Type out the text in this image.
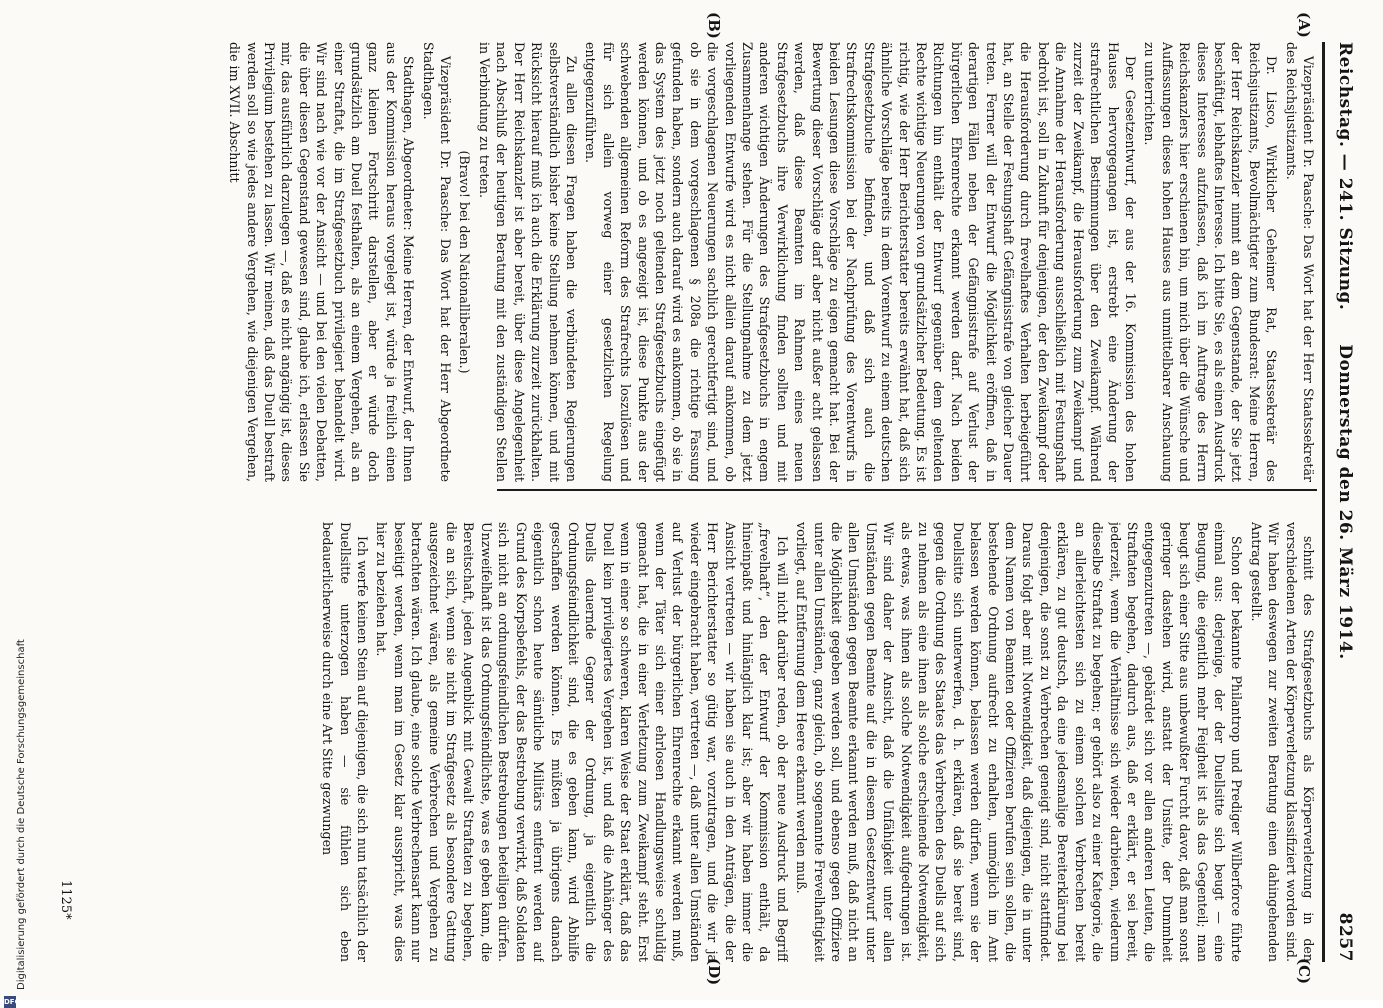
Reichstag. — 241. Sitzung.
Donnerstag den 26. März 1914.
8257
(A)
(B)
(C)
(D)

Vizepräsident Dr. Paasche: Das Wort hat der Herr Staatssekretär des Reichsjustizamts.

Dr. Lisco, Wirklicher Geheimer Rat, Staatssekretär des Reichsjustizamts, Bevollmächtigter zum Bundesrat: Meine Herren, der Herr Reichskanzler nimmt an dem Gegenstande, der Sie jetzt beschäftigt, lebhaftes Interesse. Ich bitte Sie, es als einen Ausdruck dieses Interesses aufzufassen, daß ich im Auftrage des Herrn Reichskanzlers hier erschienen bin, um mich über die Wünsche und Auffassungen dieses hohen Hauses aus unmittelbarer Anschauung zu unterrichten.

Der Gesetzentwurf, der aus der 16. Kommission des hohen Hauses hervorgegangen ist, erstrebt eine Änderung der strafrechtlichen Bestimmungen über den Zweikampf. Während zurzeit der Zweikampf, die Herausforderung zum Zweikampf und die Annahme der Herausforderung ausschließlich mit Festungshaft bedroht ist, soll in Zukunft für denjenigen, der den Zweikampf oder die Herausforderung durch frevelhaftes Verhalten herbeigeführt hat, an Stelle der Festungshaft Gefängnisstrafe von gleicher Dauer treten. Ferner will der Entwurf die Möglichkeit eröffnen, daß in derartigen Fällen neben der Gefängnisstrafe auf Verlust der bürgerlichen Ehrenrechte erkannt werden darf. Nach beiden Richtungen hin enthält der Entwurf gegenüber dem geltenden Rechte wichtige Neuerungen von grundsätzlicher Bedeutung. Es ist richtig, wie der Herr Berichterstatter bereits erwähnt hat, daß sich ähnliche Vorschläge bereits in dem Vorentwurf zu einem deutschen Strafgesetzbuche befinden, und daß sich auch die Strafrechtskommission bei der Nachprüfung des Vorentwurfs in beiden Lesungen diese Vorschläge zu eigen gemacht hat. Bei der Bewertung dieser Vorschläge darf aber nicht außer acht gelassen werden, daß diese Beamten im Rahmen eines neuen Strafgesetzbuchs ihre Verwirklichung finden sollten und mit anderen wichtigen Änderungen des Strafgesetzbuchs in engem Zusammenhange stehen. Für die Stellungnahme zu dem jetzt vorliegenden Entwurfe wird es nicht allein darauf ankommen, ob die vorgeschlagenen Neuerungen sachlich gerechtfertigt sind, und ob sie in dem vorgeschlagenen § 208a die richtige Fassung gefunden haben, sondern auch darauf wird es ankommen, ob sie in das System des jetzt noch geltenden Strafgesetzbuchs eingefügt werden können, und ob es angezeigt ist, diese Punkte aus der schwebenden allgemeinen Reform des Strafrechts loszulösen und für sich allein vorweg einer gesetzlichen Regelung entgegenzuführen.

Zu allen diesen Fragen haben die verbündeten Regierungen selbstverständlich bisher keine Stellung nehmen können, und mit Rücksicht hierauf muß ich auch die Erklärung zurzeit zurückhalten. Der Herr Reichskanzler ist aber bereit, über diese Angelegenheit nach Abschluß der heutigen Beratung mit den zuständigen Stellen in Verbindung zu treten.

(Bravo! bei den Nationalliberalen.)

Vizepräsident Dr. Paasche: Das Wort hat der Herr Abgeordnete Stadthagen.

Stadthagen, Abgeordneter: Meine Herren, der Entwurf, der Ihnen aus der Kommission heraus vorgelegt ist, würde ja freilich einen ganz kleinen Fortschritt darstellen, aber er würde doch grundsätzlich am Duell festhalten, als an einem Vergehen, als an einer Straftat, die im Strafgesetzbuch privilegiert behandelt wird. Wir sind nach wie vor der Ansicht — und bei den vielen Debatten, die über diesen Gegenstand gewesen sind, glaube ich, erlassen Sie mir, das ausführlich darzulegen —, daß es nicht angängig ist, dieses Privilegium bestehen zu lassen. Wir meinen, daß das Duell bestraft werden soll so wie jedes andere Vergehen, wie diejenigen Vergehen, die im XVII. Abschnitt

schnitt des Strafgesetzbuchs als Körperverletzung in den verschiedenen Arten der Körperverletzung klassifiziert worden sind. Wir haben deswegen zur zweiten Beratung einen dahingehenden Antrag gestellt.

Schon der bekannte Philantrop und Prediger Wilberforce führte einmal aus: derjenige, der der Duellsitte sich beugt — eine Beugung, die eigentlich mehr Feigheit ist als das Gegenteil; man beugt sich einer Sitte aus unbewußter Furcht davor, daß man sonst geringer dastehen wird, anstatt der Unsitte, der Dummheit entgegenzutreten —, gebärdet sich vor allen anderen Leuten, die Straftaten begehen, dadurch aus, daß er erklärt, er sei bereit, jederzeit, wenn die Verhältnisse sich wieder darbieten, wiederum dieselbe Straftat zu begehen; er gehört also zu einer Kategorie, die an allerleichtesten sich zu einem solchen Verbrechen bereit erklären, zu gut deutsch, da eine jedesmalige Bereiterklärung bei denjenigen, die sonst zu Verbrechen geneigt sind, nicht stattfindet. Daraus folgt aber mit Notwendigkeit, daß diejenigen, die in unter dem Namen von Beamten oder Offizieren berufen sein sollen, die bestehende Ordnung aufrecht zu erhalten, unmöglich im Amt belassen werden können, belassen werden dürfen, wenn sie der Duellsitte sich unterwerfen, d. h. erklären, daß sie bereit sind, gegen die Ordnung des Staates das Verbrechen des Duells auf sich zu nehmen als eine ihnen als solche erscheinende Notwendigkeit, als etwas, was ihnen als solche Notwendigkeit aufgedrungen ist. Wir sind daher der Ansicht, daß die Unfähigkeit unter allen Umständen gegen Beamte auf die in diesem Gesetzentwurf unter allen Umständen gegen Beamte erkannt werden muß, daß nicht an die Möglichkeit gegeben werden soll, und ebenso gegen Offiziere unter allen Umständen, ganz gleich, ob sogenannte Frevelhaftigkeit vorliegt, auf Entfernung dem Heere erkannt werden muß.

Ich will nicht darüber reden, ob der neue Ausdruck und Begriff „frevelhaft“, den der Entwurf der Kommission enthält, da hineinpaßt und hinlänglich klar ist; aber wir haben immer die Ansicht vertreten — wir haben sie auch in den Anträgen, die der Herr Berichterstatter so gütig war, vorzutragen, und die wir ja wieder eingebracht haben, vertreten —, daß unter allen Umständen auf Verlust der bürgerlichen Ehrenrechte erkannt werden muß, wenn der Täter sich einer ehrlosen Handlungsweise schuldig gemacht hat, die in einer Verletzung zum Zweikampf steht. Erst wenn in einer so schweren, klaren Weise der Staat erklärt, daß das Duell kein privilegiertes Vergehen ist, und daß die Anhänger des Duells dauernde Gegner der Ordnung, ja eigentlich die Ordnungsfeindlichkeit sind, die es geben kann, wird Abhilfe geschaffen werden können. Es müßten ja übrigens danach eigentlich schon heute sämtliche Militärs entfernt werden auf Grund des Korpsbefehls, der das Bestrebung verwirkt, daß Soldaten sich nicht an ordnungsfeindlichen Bestrebungen beteiligen dürfen. Unzweifelhaft ist das Ordnungsfeindlichste, was es geben kann, die Bereitschaft, jeden Augenblick mit Gewalt Straftaten zu begehen, die an sich, wenn sie nicht im Strafgesetz als besondere Gattung ausgezeichnet wären, als gemeine Verbrechen und Vergehen zu betrachten wären. Ich glaube, eine solche Verbrechensart kann nur beseitigt werden, wenn man im Gesetz klar ausspricht, was dies hier zu beziehen hat.

Ich werfe keinen Stein auf diejenigen, die sich nun tatsächlich der Duellsitte unterzogen haben — sie fühlen sich eben bedauerlicherweise durch eine Art Sitte gezwungen

1125*
DFG
Digitalisierung gefördert durch die Deutsche Forschungsgemeinschaft
